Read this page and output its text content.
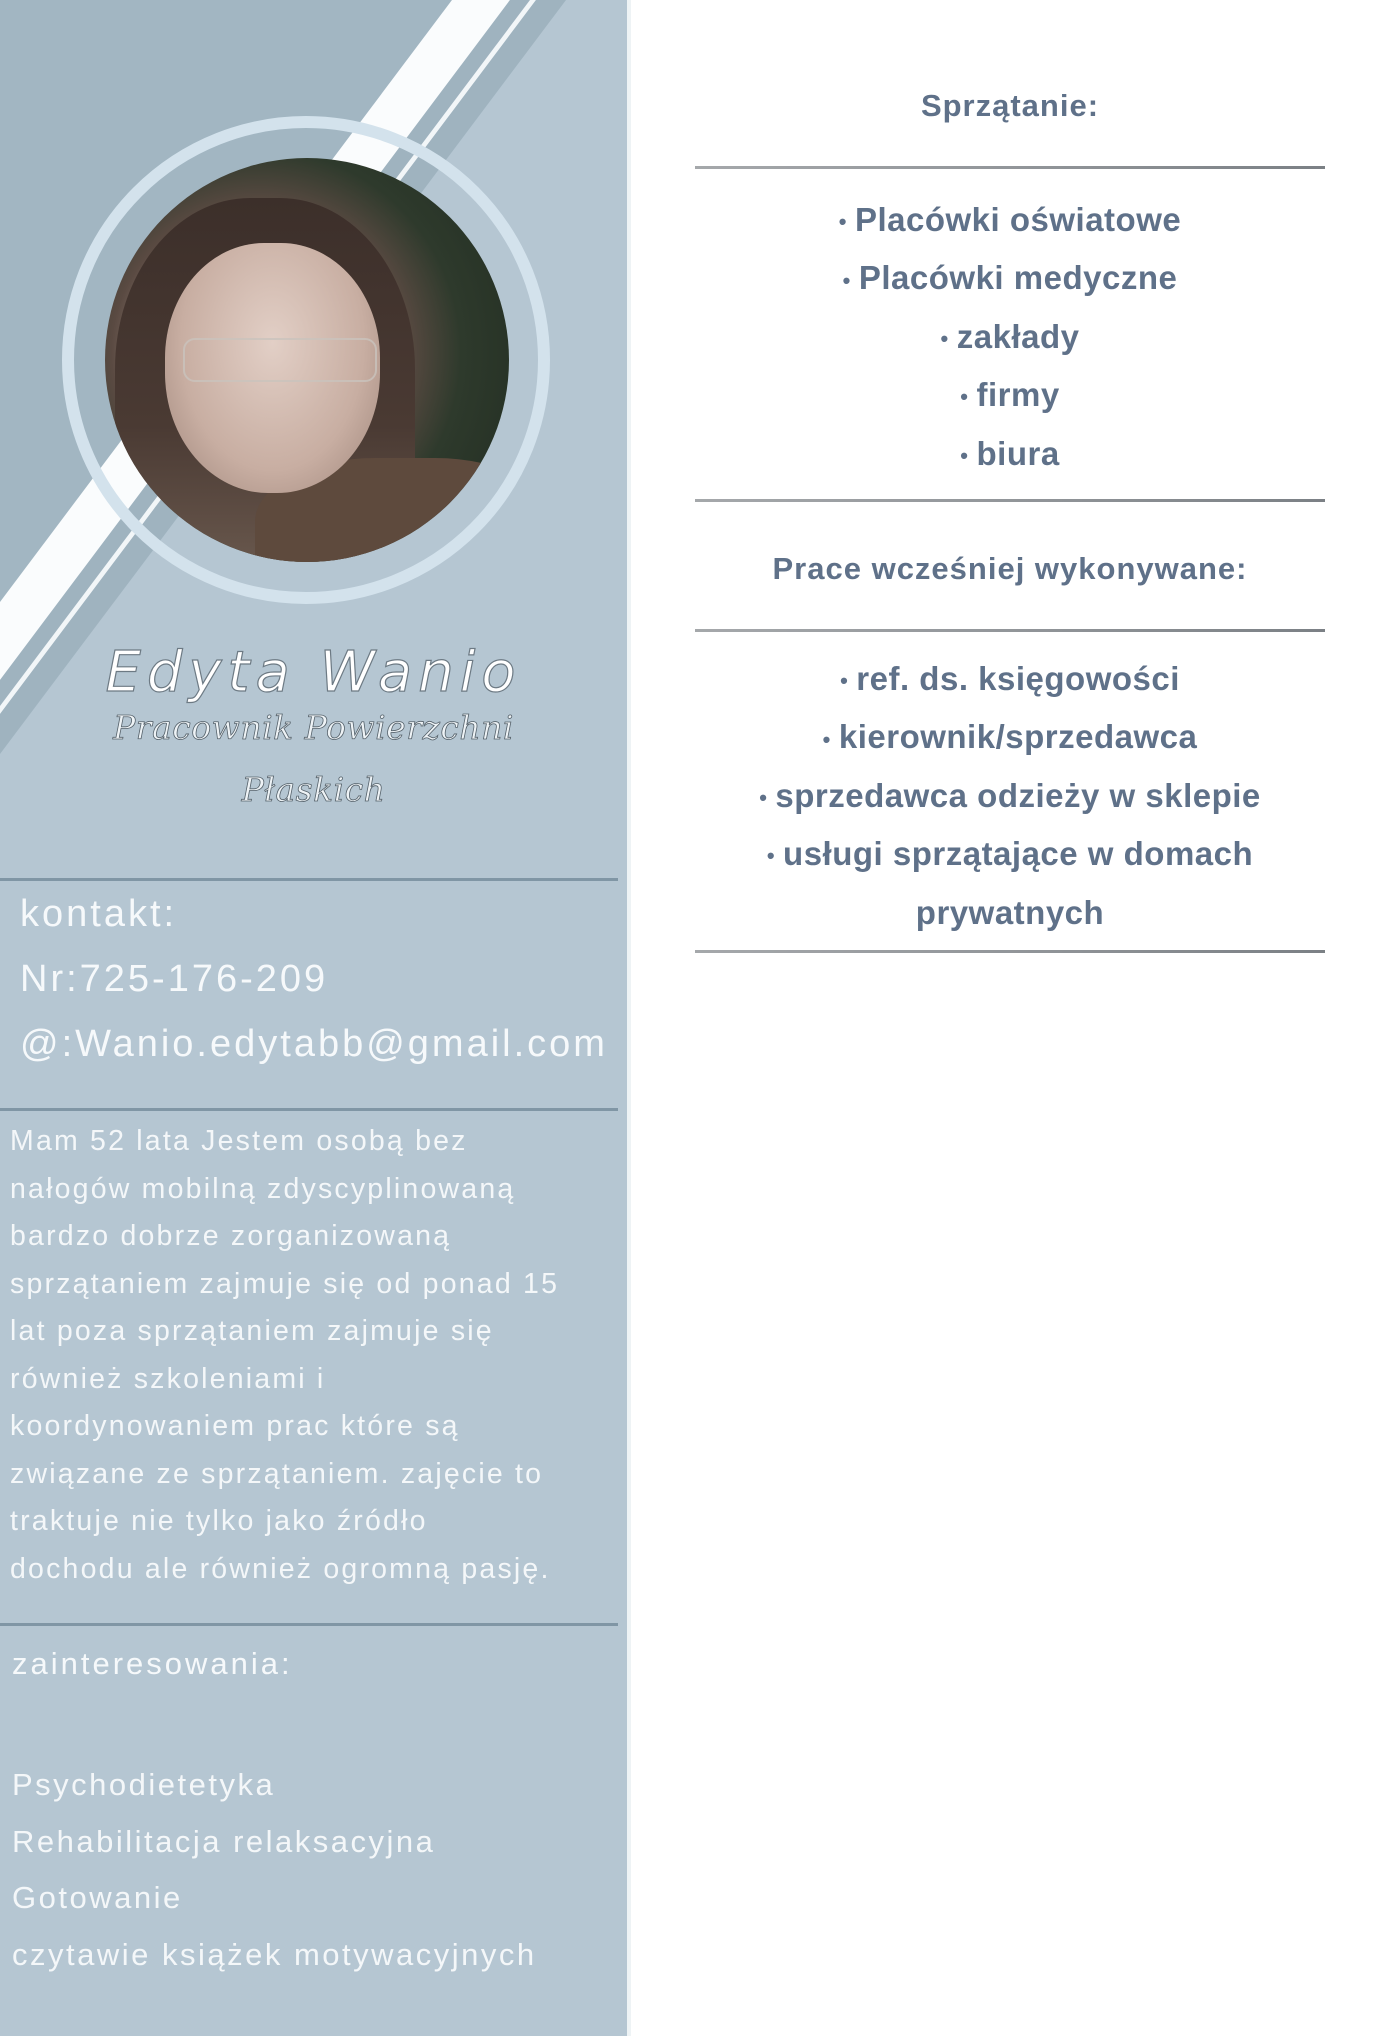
Edyta Wanio
Pracownik Powierzchni
Płaskich
kontakt:
Nr:725-176-209
@:Wanio.edytabb@gmail.com
Mam 52 lata Jestem osobą bez
nałogów mobilną zdyscyplinowaną
bardzo dobrze zorganizowaną
sprzątaniem zajmuje się od ponad 15
lat poza sprzątaniem zajmuje się
również szkoleniami i
koordynowaniem prac które są
związane ze sprzątaniem. zajęcie to
traktuje nie tylko jako źródło
dochodu ale również ogromną pasję.
zainteresowania:
Psychodietetyka
Rehabilitacja relaksacyjna
Gotowanie
czytawie książek motywacyjnych
Sprzątanie:
• Placówki oświatowe
• Placówki medyczne
• zakłady
• firmy
• biura
Prace wcześniej wykonywane:
• ref. ds. księgowości
• kierownik/sprzedawca
• sprzedawca odzieży w sklepie
• usługi sprzątające w domach
prywatnych
